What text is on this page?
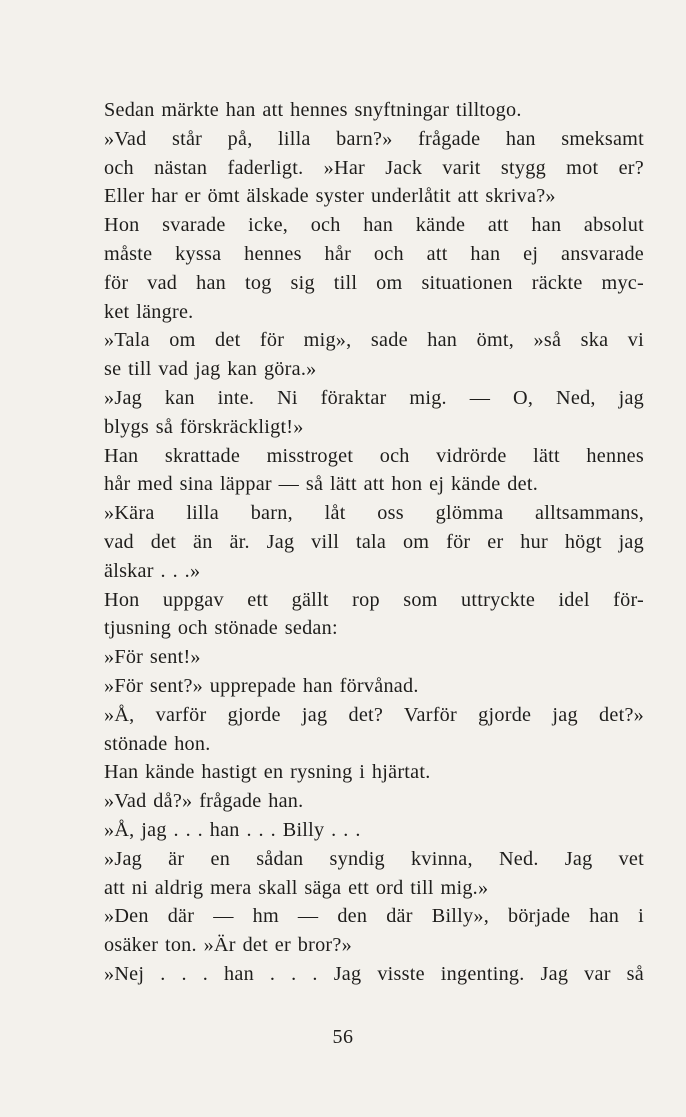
Sedan märkte han att hennes snyftningar tilltogo.

»Vad står på, lilla barn?» frågade han smeksamt
och nästan faderligt. »Har Jack varit stygg mot er?
Eller har er ömt älskade syster underlåtit att skriva?»

Hon svarade icke, och han kände att han absolut
måste kyssa hennes hår och att han ej ansvarade
för vad han tog sig till om situationen räckte myc-
ket längre.

»Tala om det för mig», sade han ömt, »så ska vi
se till vad jag kan göra.»

»Jag kan inte. Ni föraktar mig. — O, Ned, jag
blygs så förskräckligt!»

Han skrattade misstroget och vidrörde lätt hennes
hår med sina läppar — så lätt att hon ej kände det.

»Kära lilla barn, låt oss glömma alltsammans,
vad det än är. Jag vill tala om för er hur högt jag
älskar . . .»

Hon uppgav ett gällt rop som uttryckte idel för-
tjusning och stönade sedan:

»För sent!»

»För sent?» upprepade han förvånad.

»Å, varför gjorde jag det? Varför gjorde jag det?»
stönade hon.

Han kände hastigt en rysning i hjärtat.

»Vad då?» frågade han.

»Å, jag . . . han . . . Billy . . .

»Jag är en sådan syndig kvinna, Ned. Jag vet
att ni aldrig mera skall säga ett ord till mig.»

»Den där — hm — den där Billy», började han i
osäker ton. »Är det er bror?»

»Nej . . . han . . . Jag visste ingenting. Jag var så

56
